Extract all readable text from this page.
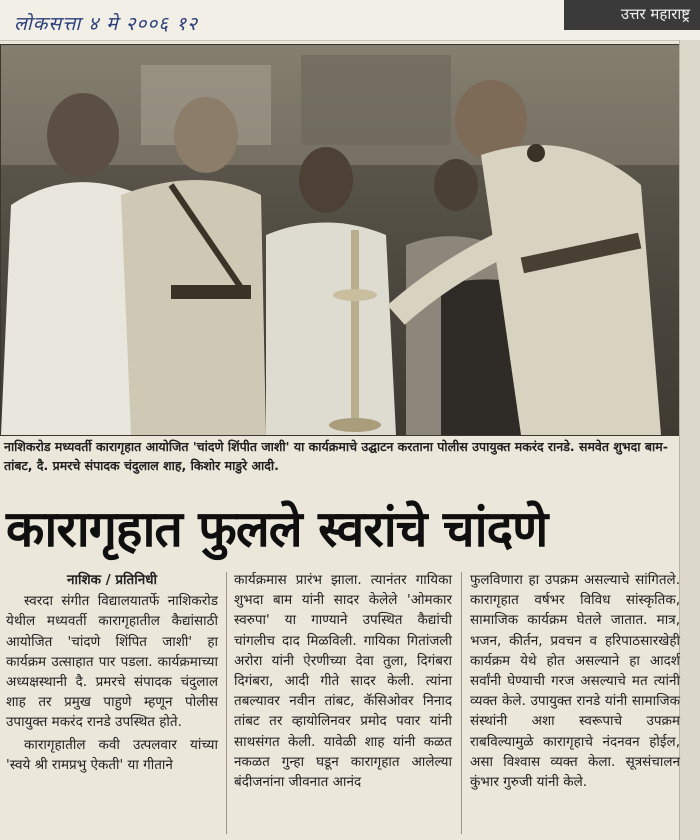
लोकसत्ता ४ मे २००६ १२	उत्तर महाराष्ट्र
नाशिकरोड मध्यवर्ती कारागृहात आयोजित 'चांदणे शिंपीत जाशी' या कार्यक्रमाचे उद्घाटन करताना पोलीस उपायुक्त मकरंद रानडे. समवेत शुभदा बाम-तांबट, दै. प्रमरचे संपादक चंदुलाल शाह, किशोर माडुरे आदी.
कारागृहात फुलले स्वरांचे चांदणे
नाशिक / प्रतिनिधी

स्वरदा संगीत विद्यालयातर्फे नाशिकरोड येथील मध्यवर्ती कारागृहातील कैद्यांसाठी आयोजित 'चांदणे शिंपित जाशी' हा कार्यक्रम उत्साहात पार पडला. कार्यक्रमाच्या अध्यक्षस्थानी दै. प्रमरचे संपादक चंदुलाल शाह तर प्रमुख पाहुणे म्हणून पोलीस उपायुक्त मकरंद रानडे उपस्थित होते.

कारागृहातील कवी उत्पलवार यांच्या 'स्वये श्री रामप्रभु ऐकती' या गीताने

कार्यक्रमास प्रारंभ झाला. त्यानंतर गायिका शुभदा बाम यांनी सादर केलेले 'ओमकार स्वरुपा' या गाण्याने उपस्थित कैद्यांची चांगलीच दाद मिळविली. गायिका गितांजली अरोरा यांनी ऐरणीच्या देवा तुला, दिगंबरा दिगंबरा, आदी गीते सादर केली. त्यांना तबल्यावर नवीन तांबट, कॅसिओवर निनाद तांबट तर व्हायोलिनवर प्रमोद पवार यांनी साथसंगत केली. यावेळी शाह यांनी कळत नकळत गुन्हा घडून कारागृहात आलेल्या बंदीजनांना जीवनात आनंद

फुलविणारा हा उपक्रम असल्याचे सांगितले. कारागृहात वर्षभर विविध सांस्कृतिक, सामाजिक कार्यक्रम घेतले जातात. मात्र, भजन, कीर्तन, प्रवचन व हरिपाठसारखेही कार्यक्रम येथे होत असल्याने हा आदर्श सर्वांनी घेण्याची गरज असल्याचे मत त्यांनी व्यक्त केले. उपायुक्त रानडे यांनी सामाजिक संस्थांनी अशा स्वरूपाचे उपक्रम राबविल्यामुळे कारागृहाचे नंदनवन होईल, असा विश्वास व्यक्त केला. सूत्रसंचालन कुंभार गुरुजी यांनी केले.
